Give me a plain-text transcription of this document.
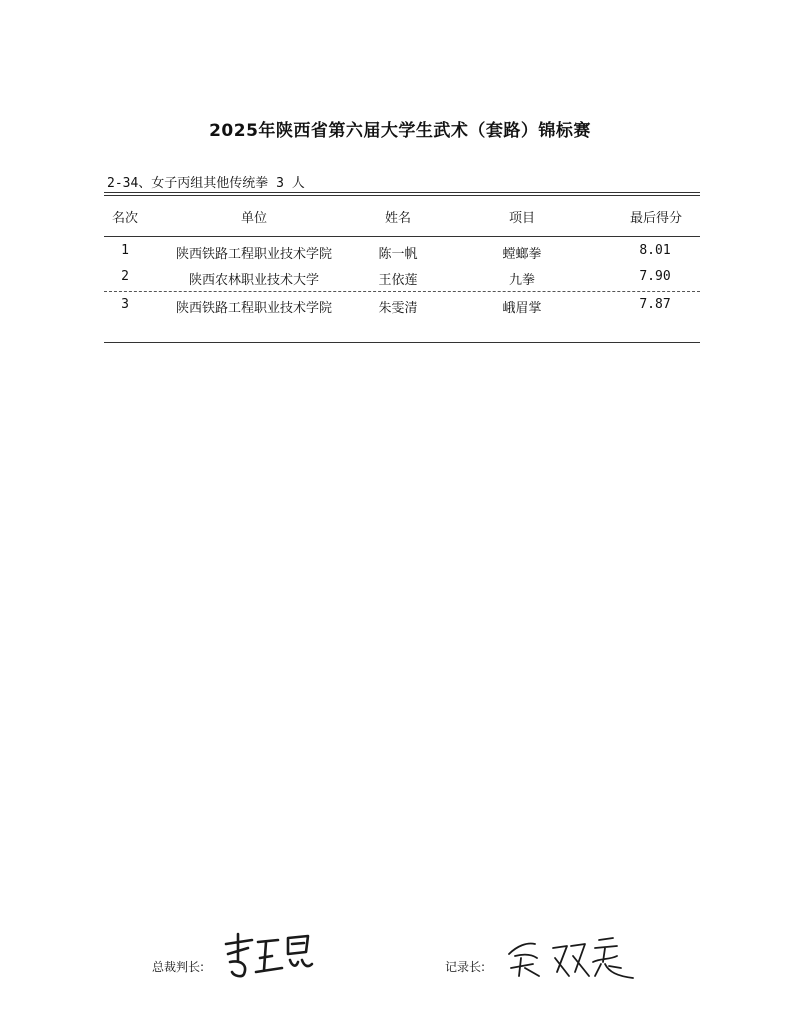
2025年陕西省第六届大学生武术（套路）锦标赛
2-34、女子丙组其他传统拳 3 人
名次	单位	姓名	项目	最后得分
1	陕西铁路工程职业技术学院	陈一帆	螳螂拳	8.01
2	陕西农林职业技术大学	王依莲	九拳	7.90
3	陕西铁路工程职业技术学院	朱雯清	峨眉掌	7.87
总裁判长:	记录长:
